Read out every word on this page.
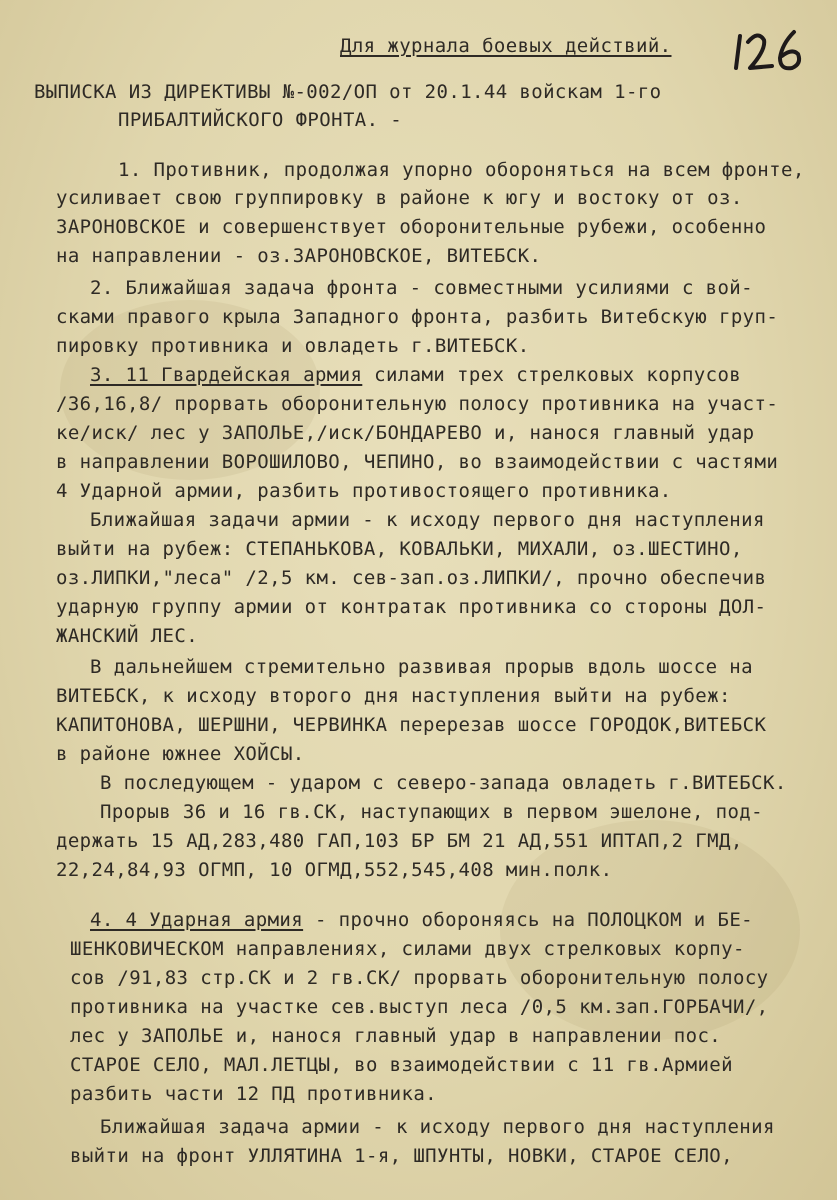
Для журнала боевых действий.
ВЫПИСКА ИЗ ДИРЕКТИВЫ №-002/ОП от 20.1.44 войскам 1-го
ПРИБАЛТИЙСКОГО ФРОНТА. -
1. Противник, продолжая упорно обороняться на всем фронте,
усиливает свою группировку в районе к югу и востоку от оз.
ЗАРОНОВСКОЕ и совершенствует оборонительные рубежи, особенно
на направлении - оз.ЗАРОНОВСКОЕ, ВИТЕБСК.
2. Ближайшая задача фронта - совместными усилиями с вой-
сками правого крыла Западного фронта, разбить Витебскую груп-
пировку противника и овладеть г.ВИТЕБСК.
3. 11 Гвардейская армия силами трех стрелковых корпусов
/36,16,8/ прорвать оборонительную полосу противника на участ-
ке/иск/ лес у ЗАПОЛЬЕ,/иск/БОНДАРЕВО и, нанося главный удар
в направлении ВОРОШИЛОВО, ЧЕПИНО, во взаимодействии с частями
4 Ударной армии, разбить противостоящего противника.
Ближайшая задачи армии - к исходу первого дня наступления
выйти на рубеж: СТЕПАНЬКОВА, КОВАЛЬКИ, МИХАЛИ, оз.ШЕСТИНО,
оз.ЛИПКИ,"леса" /2,5 км. сев-зап.оз.ЛИПКИ/, прочно обеспечив
ударную группу армии от контратак противника со стороны ДОЛ-
ЖАНСКИЙ ЛЕС.
В дальнейшем стремительно развивая прорыв вдоль шоссе на
ВИТЕБСК, к исходу второго дня наступления выйти на рубеж:
КАПИТОНОВА, ШЕРШНИ, ЧЕРВИНКА перерезав шоссе ГОРОДОК,ВИТЕБСК
в районе южнее ХОЙСЫ.
В последующем - ударом с северо-запада овладеть г.ВИТЕБСК.
Прорыв 36 и 16 гв.СК, наступающих в первом эшелоне, под-
держать 15 АД,283,480 ГАП,103 БР БМ 21 АД,551 ИПТАП,2 ГМД,
22,24,84,93 ОГМП, 10 ОГМД,552,545,408 мин.полк.
4. 4 Ударная армия - прочно обороняясь на ПОЛОЦКОМ и БЕ-
ШЕНКОВИЧЕСКОМ направлениях, силами двух стрелковых корпу-
сов /91,83 стр.СК и 2 гв.СК/ прорвать оборонительную полосу
противника на участке сев.выступ леса /0,5 км.зап.ГОРБАЧИ/,
лес у ЗАПОЛЬЕ и, нанося главный удар в направлении пос.
СТАРОЕ СЕЛО, МАЛ.ЛЕТЦЫ, во взаимодействии с 11 гв.Армией
разбить части 12 ПД противника.
Ближайшая задача армии - к исходу первого дня наступления
выйти на фронт УЛЛЯТИНА 1-я, ШПУНТЫ, НОВКИ, СТАРОЕ СЕЛО,
